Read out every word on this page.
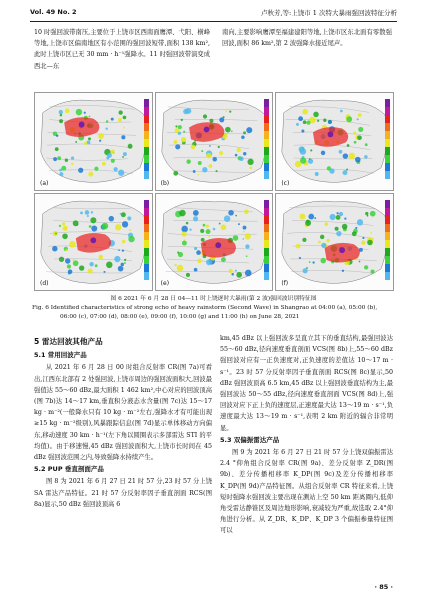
Vol. 49 No. 2	卢秋芳,等:上饶市 1 次特大暴雨强回波特征分析

10 时强回波带南压,主要位于上饶市区西南面鹰潭、弋阳、横峰等地,上饶市区偏南地区有小范围的强回波短带,面积 138 km²,此时上饶市区已无 30 mm · h⁻¹强降水。11 时强回波带演变成西北—东

南向,主要影响鹰潭至福建建阳等地,上饶市区东北面有零散强回波,面积 86 km²,第 2 波强降水接近尾声。

(a)	(b)	(c)
(d)	(e)	(f)
图 6 2021 年 6 月 28 日 04—11 时上饶逐时大暴雨(第 2 波)强回波识别特征图
Fig. 6 Identified characteristics of strong echo of heavy rainstorm (Second Wave) in Shangrao at 04:00 (a), 05:00 (b), 06:00 (c), 07:00 (d), 08:00 (e), 09:00 (f), 10:00 (g) and 11:00 (h) on June 28, 2021
5 雷达回波其他产品
5.1 常用回波产品

从 2021 年 6 月 28 日 00 时组合反射率 CR(图 7a)可看出,江西东北部有 2 处强回波,上饶市周边的强回波面积大,回波最强值达 55～60 dBz,最大面积 1 462 km²,中心对应的回波顶高(图 7b)达 14～17 km,垂直积分液态水含量(图 7c)达 15～17 kg · m⁻²(一般降水只有 10 kg · m⁻²左右,强降水才有可能出现≥15 kg · m⁻²级别),风暴跟踪信息(图 7d)显示单体移动方向偏东,移动速度 30 km · h⁻¹(左下角以圆圈表示多部雷达 STI 的平均值)。由于移速慢,45 dBz 强回波面积大,上饶市长时间在 45 dBz 强回波范围之内,导致强降水持续产生。

5.2 PUP 垂直剖面产品

图 8 为 2021 年 6 月 27 日 21 时 57 分,23 时 57 分上饶 SA 雷达产品特征。21 时 57 分反射率因子垂直剖面 RCS(图 8a)显示,50 dBz 强回波顶高 6

km,45 dBz 以上强回波多呈直立其下的垂直结构,最强回波达 55～60 dBz,径向速度垂直剖面 VCS(图 8b)上,55～60 dBz 强回波对应有一正负速度对,正负速度的差值达 10～17 m · s⁻¹。23 时 57 分反射率因子垂直剖面 RCS(图 8c)显示,50 dBz 强回波顶高 6.5 km,45 dBz 以上强回波垂直结构为主,最强回波达 50～55 dBz,径向速度垂直剖面 VCS(图 8d)上,强回波对应下正上负的速度层,正速度最大达 13～19 m · s⁻¹,负速度最大达 13～19 m · s⁻¹,表明 2 km 附近的辐合非常明显。

5.3 双偏振雷达产品

图 9 为 2021 年 6 月 27 日 21 时 57 分上饶双偏振雷达 2.4 °仰角组合反射率 CR(图 9a)、差分反射率 Z_DR(图 9b)、差分传播相移率 K_DP(图 9c)及差分传播相移率 K_DP(图 9d)产品特征图。从组合反射率 CR 特征来看,上饶短时强降水强回波主要出现在测站上空 50 km 距离圈内,低仰角受雷达静锥区及周边地形影响,衰减较为严重,故选取 2.4°仰角进行分析。从 Z_DR、K_DP、K_DP 3 个偏振参量特征图可以

· 85 ·
